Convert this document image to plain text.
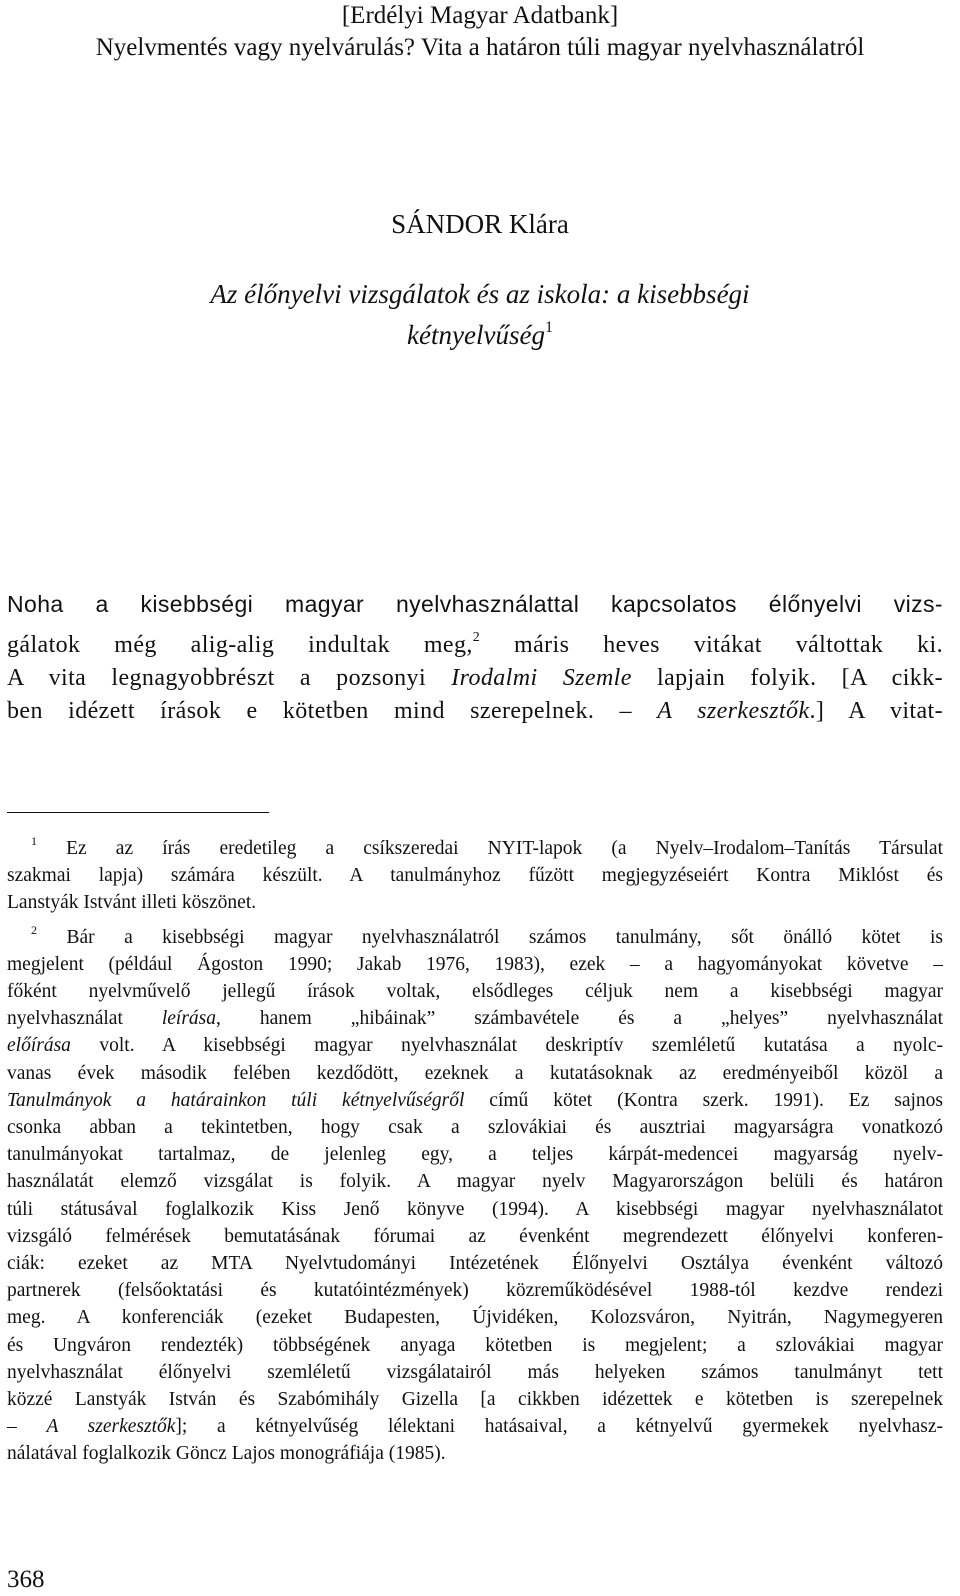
[Erdélyi Magyar Adatbank]
Nyelvmentés vagy nyelvárulás? Vita a határon túli magyar nyelvhasználatról
SÁNDOR Klára
Az élőnyelvi vizsgálatok és az iskola: a kisebbségi
kétnyelvűség$^1$
Noha a kisebbségi magyar nyelvhasználattal kapcsolatos élőnyelvi vizs-
gálatok még alig-alig indultak meg,$^2$ máris heves vitákat váltottak ki.
A vita legnagyobbrészt a pozsonyi Irodalmi Szemle lapjain folyik. [A cikk-
ben idézett írások e kötetben mind szerepelnek. – A szerkesztők.] A vitat-
$^1$ Ez az írás eredetileg a csíkszeredai NYIT-lapok (a Nyelv–Irodalom–Tanítás Társulat
szakmai lapja) számára készült. A tanulmányhoz fűzött megjegyzéseiért Kontra Miklóst és
Lanstyák Istvánt illeti köszönet.
$^2$ Bár a kisebbségi magyar nyelvhasználatról számos tanulmány, sőt önálló kötet is
megjelent (például Ágoston 1990; Jakab 1976, 1983), ezek – a hagyományokat követve –
főként nyelvművelő jellegű írások voltak, elsődleges céljuk nem a kisebbségi magyar
nyelvhasználat leírása, hanem „hibáinak” számbavétele és a „helyes” nyelvhasználat
előírása volt. A kisebbségi magyar nyelvhasználat deskriptív szemléletű kutatása a nyolc-
vanas évek második felében kezdődött, ezeknek a kutatásoknak az eredményeiből közöl a
Tanulmányok a határainkon túli kétnyelvűségről című kötet (Kontra szerk. 1991). Ez sajnos
csonka abban a tekintetben, hogy csak a szlovákiai és ausztriai magyarságra vonatkozó
tanulmányokat tartalmaz, de jelenleg egy, a teljes kárpát-medencei magyarság nyelv-
használatát elemző vizsgálat is folyik. A magyar nyelv Magyarországon belüli és határon
túli státusával foglalkozik Kiss Jenő könyve (1994). A kisebbségi magyar nyelvhasználatot
vizsgáló felmérések bemutatásának fórumai az évenként megrendezett élőnyelvi konferen-
ciák: ezeket az MTA Nyelvtudományi Intézetének Élőnyelvi Osztálya évenként változó
partnerek (felsőoktatási és kutatóintézmények) közreműködésével 1988-tól kezdve rendezi
meg. A konferenciák (ezeket Budapesten, Újvidéken, Kolozsváron, Nyitrán, Nagymegyeren
és Ungváron rendezték) többségének anyaga kötetben is megjelent; a szlovákiai magyar
nyelvhasználat élőnyelvi szemléletű vizsgálatairól más helyeken számos tanulmányt tett
közzé Lanstyák István és Szabómihály Gizella [a cikkben idézettek e kötetben is szerepelnek
– A szerkesztők]; a kétnyelvűség lélektani hatásaival, a kétnyelvű gyermekek nyelvhasz-
nálatával foglalkozik Göncz Lajos monográfiája (1985).
368
